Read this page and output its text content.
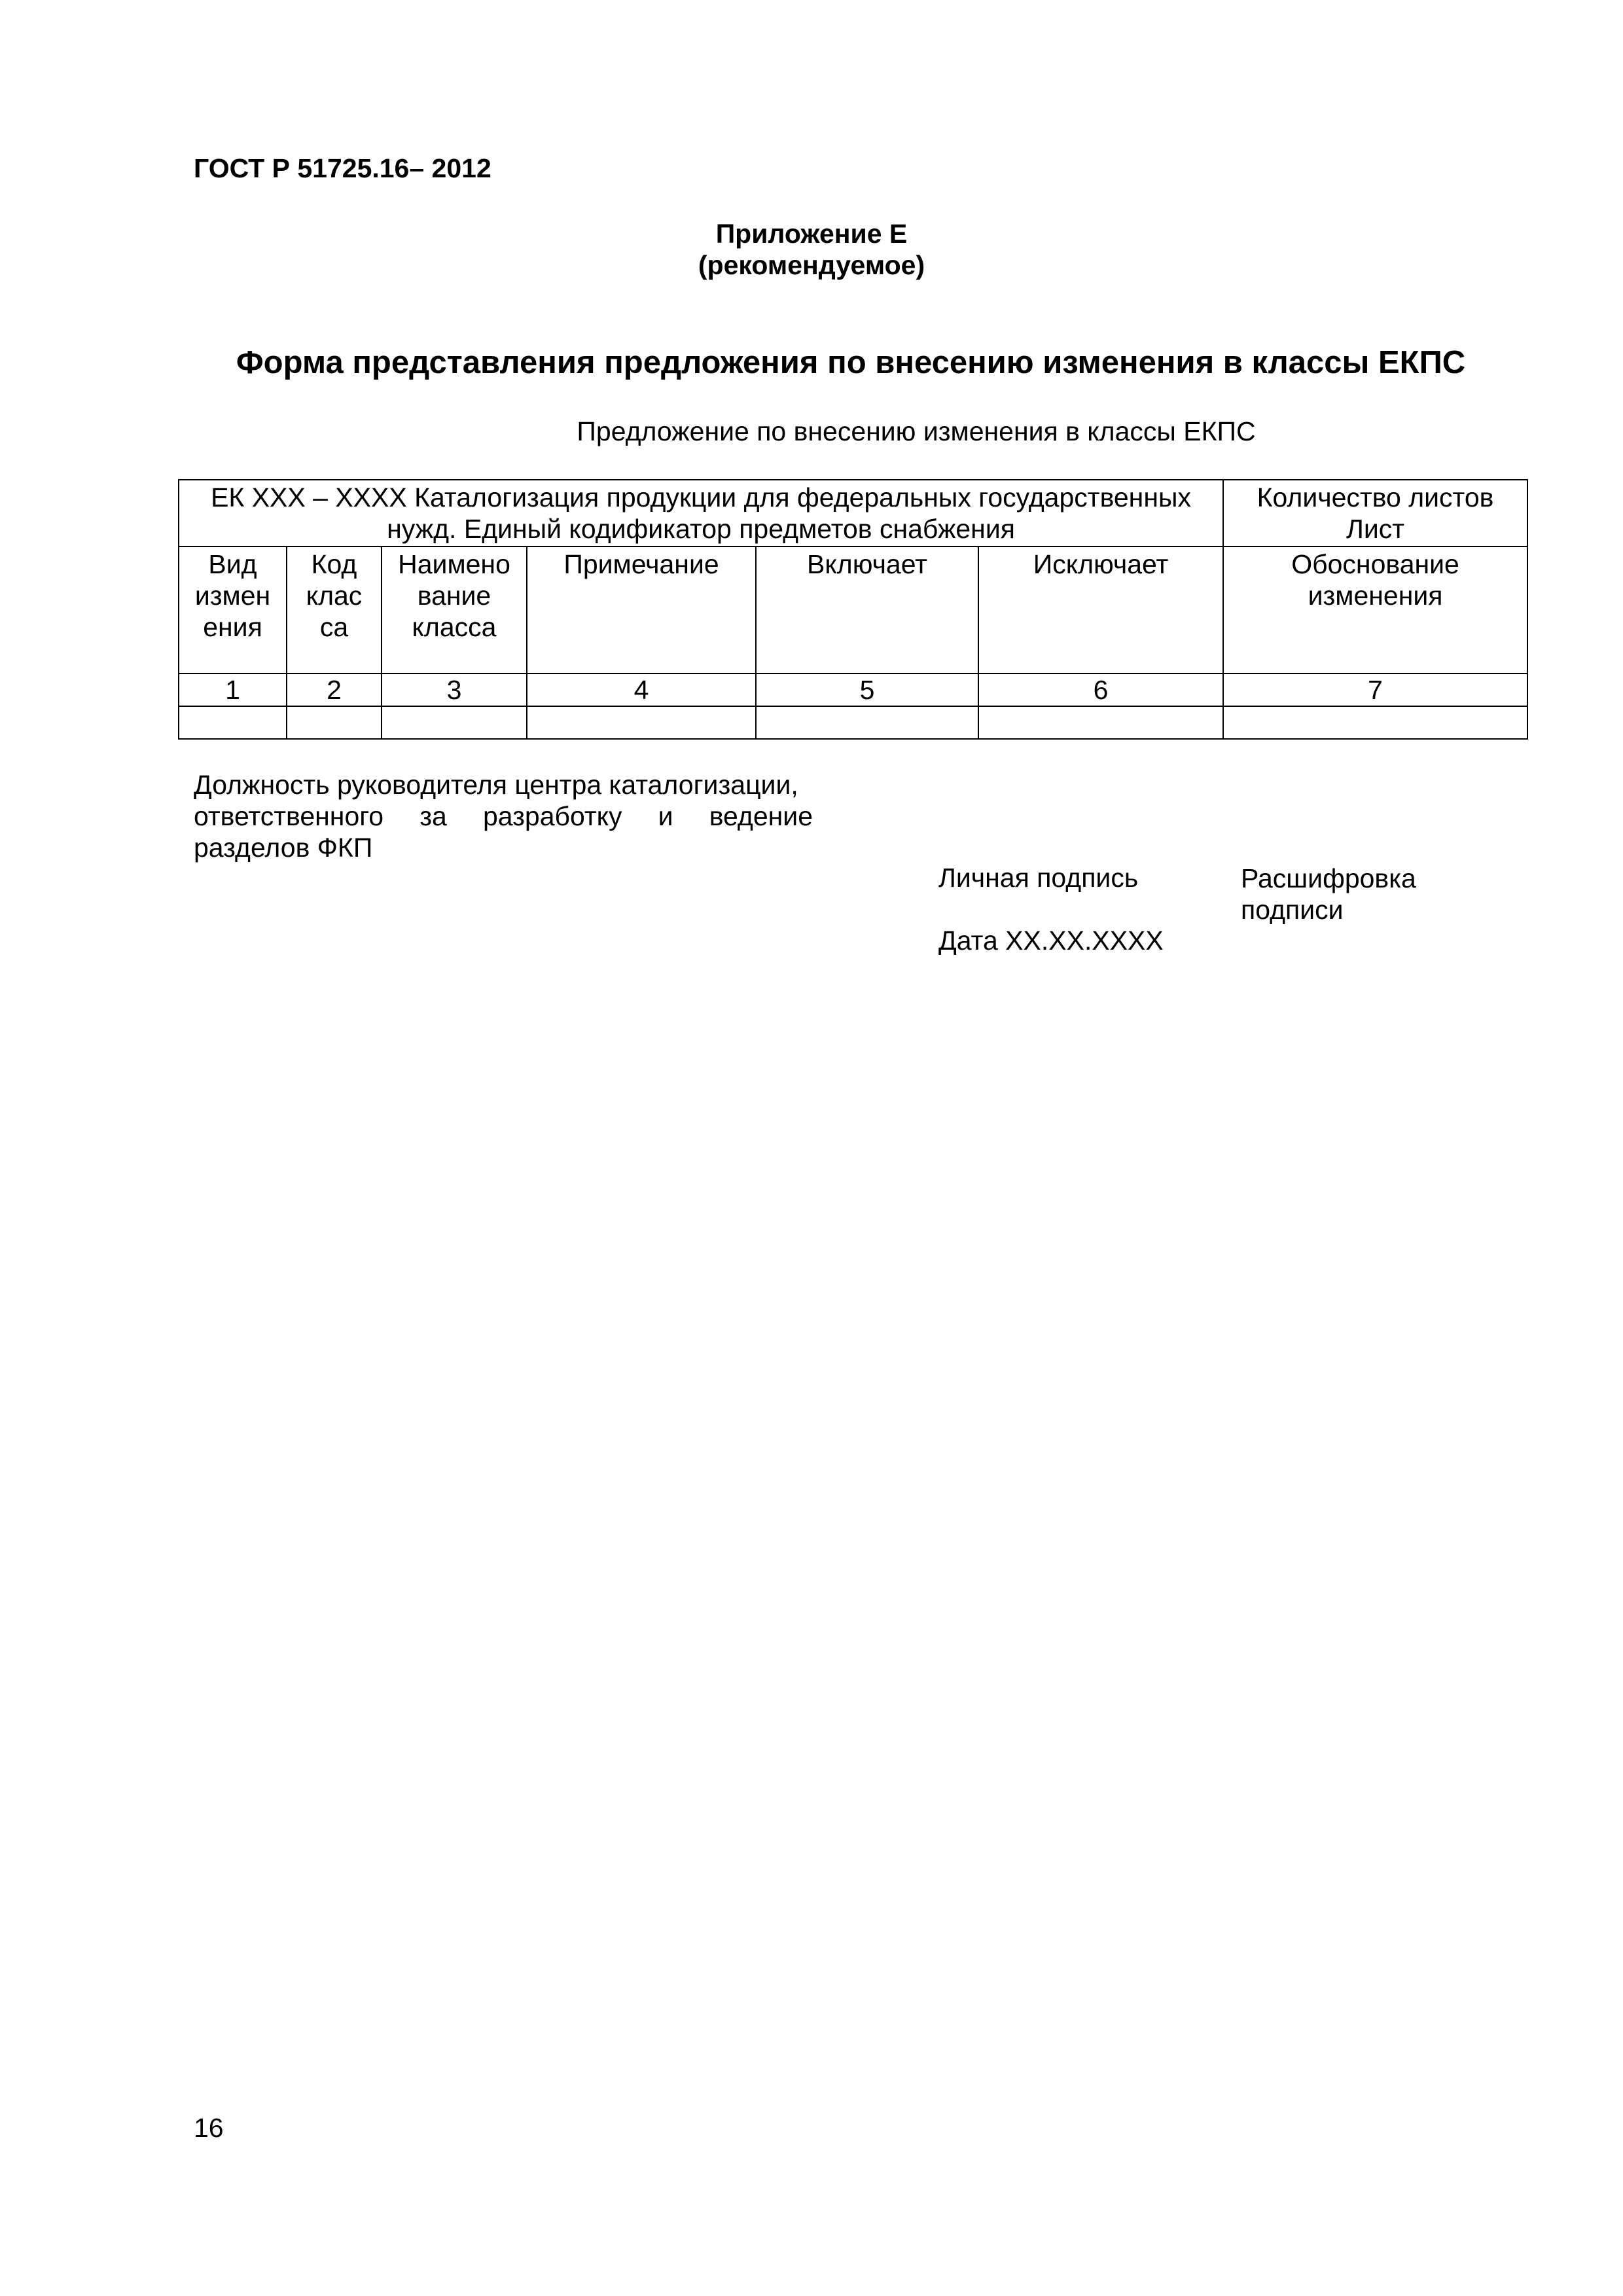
ГОСТ Р 51725.16– 2012
Приложение Е
(рекомендуемое)
Форма представления предложения по внесению изменения в классы ЕКПС
Предложение по внесению изменения в классы ЕКПС
ЕК ХХХ – ХХХХ Каталогизация продукции для федеральных государственных нужд. Единый кодификатор предметов снабжения						Количество листов
Лист

Вид измен ения	Код клас са	Наимено вание класса	Примечание	Включает	Исключает	Обоснование изменения
1	2	3	4	5	6	7

Должность руководителя центра каталогизации,
ответственного за разработку и ведение
разделов ФКП
Личная подпись	Расшифровка
подписи
Дата ХХ.ХХ.ХХХХ
16
